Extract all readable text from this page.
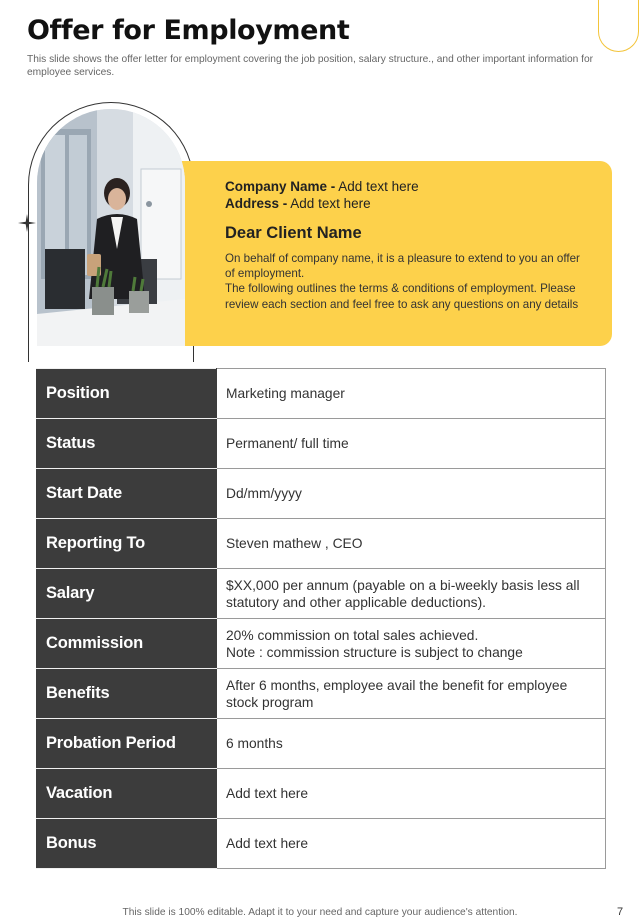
Offer for Employment
This slide shows the offer letter for employment covering the job position, salary structure., and other important information for employee services.
Company Name - Add text here
Address - Add text here
Dear Client Name

On behalf of company name, it is a pleasure to extend to you an offer of employment.

The following outlines the terms & conditions of employment. Please review each section and feel free to ask any questions on any details

Position	Marketing manager
Status	Permanent/ full time
Start Date	Dd/mm/yyyy
Reporting To	Steven mathew , CEO
Salary	$XX,000 per annum (payable on a bi-weekly basis less all statutory and other applicable deductions).
Commission	20% commission on total sales achieved.
Note : commission structure is subject to change

Benefits	After 6 months, employee avail the benefit for employee stock program
Probation Period	6 months
Vacation	Add text here
Bonus	Add text here
This slide is 100% editable. Adapt it to your need and capture your audience's attention.	7
